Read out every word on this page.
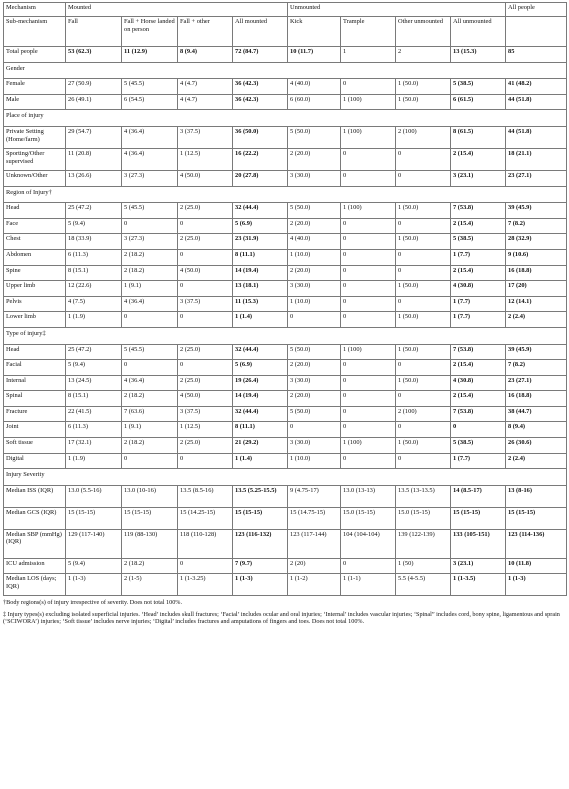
Mechanism	Mounted				Unmounted				All people
Sub-mechanism	Fall	Fall + Horse landed on person	Fall + other	All mounted	Kick	Trample	Other unmounted	All unmounted	
Total people	53 (62.3)	11 (12.9)	8 (9.4)	72 (84.7)	10 (11.7)	1	2	13 (15.3)	85
Gender									
Female	27 (50.9)	5 (45.5)	4 (4.7)	36 (42.3)	4 (40.0)	0	1 (50.0)	5 (38.5)	41 (48.2)
Male	26 (49.1)	6 (54.5)	4 (4.7)	36 (42.3)	6 (60.0)	1 (100)	1 (50.0)	6 (61.5)	44 (51.8)
Place of injury									
Private Setting (Home/farm)	29 (54.7)	4 (36.4)	3 (37.5)	36 (50.0)	5 (50.0)	1 (100)	2 (100)	8 (61.5)	44 (51.8)
Sporting/Other supervised	11 (20.8)	4 (36.4)	1 (12.5)	16 (22.2)	2 (20.0)	0	0	2 (15.4)	18 (21.1)
Unknown/Other	13 (26.6)	3 (27.3)	4 (50.0)	20 (27.8)	3 (30.0)	0	0	3 (23.1)	23 (27.1)
Region of Injury†									
Head	25 (47.2)	5 (45.5)	2 (25.0)	32 (44.4)	5 (50.0)	1 (100)	1 (50.0)	7 (53.8)	39 (45.9)
Face	5 (9.4)	0	0	5 (6.9)	2 (20.0)	0	0	2 (15.4)	7 (8.2)
Chest	18 (33.9)	3 (27.3)	2 (25.0)	23 (31.9)	4 (40.0)	0	1 (50.0)	5 (38.5)	28 (32.9)
Abdomen	6 (11.3)	2 (18.2)	0	8 (11.1)	1 (10.0)	0	0	1 (7.7)	9 (10.6)
Spine	8 (15.1)	2 (18.2)	4 (50.0)	14 (19.4)	2 (20.0)	0	0	2 (15.4)	16 (18.8)
Upper limb	12 (22.6)	1 (9.1)	0	13 (18.1)	3 (30.0)	0	1 (50.0)	4 (30.8)	17 (20)
Pelvis	4 (7.5)	4 (36.4)	3 (37.5)	11 (15.3)	1 (10.0)	0	0	1 (7.7)	12 (14.1)
Lower limb	1 (1.9)	0	0	1 (1.4)	0	0	1 (50.0)	1 (7.7)	2 (2.4)
Type of injury‡									
Head	25 (47.2)	5 (45.5)	2 (25.0)	32 (44.4)	5 (50.0)	1 (100)	1 (50.0)	7 (53.8)	39 (45.9)
Facial	5 (9.4)	0	0	5 (6.9)	2 (20.0)	0	0	2 (15.4)	7 (8.2)
Internal	13 (24.5)	4 (36.4)	2 (25.0)	19 (26.4)	3 (30.0)	0	1 (50.0)	4 (30.8)	23 (27.1)
Spinal	8 (15.1)	2 (18.2)	4 (50.0)	14 (19.4)	2 (20.0)	0	0	2 (15.4)	16 (18.8)
Fracture	22 (41.5)	7 (63.6)	3 (37.5)	32 (44.4)	5 (50.0)	0	2 (100)	7 (53.8)	38 (44.7)
Joint	6 (11.3)	1 (9.1)	1 (12.5)	8 (11.1)	0	0	0	0	8 (9.4)
Soft tissue	17 (32.1)	2 (18.2)	2 (25.0)	21 (29.2)	3 (30.0)	1 (100)	1 (50.0)	5 (38.5)	26 (30.6)
Digital	1 (1.9)	0	0	1 (1.4)	1 (10.0)	0	0	1 (7.7)	2 (2.4)
Injury Severity									
Median ISS (IQR)	13.0 (5.5-16)	13.0 (10-16)	13.5 (8.5-16)	13.5 (5.25-15.5)	9 (4.75-17)	13.0 (13-13)	13.5 (13-13.5)	14 (8.5-17)	13 (8-16)
Median GCS (IQR)	15 (15-15)	15 (15-15)	15 (14.25-15)	15 (15-15)	15 (14.75-15)	15.0 (15-15)	15.0 (15-15)	15 (15-15)	15 (15-15)
Median SBP (mmHg) (IQR)	129 (117-140)	119 (88-130)	118 (110-128)	123 (116-132)	123 (117-144)	104 (104-104)	139 (122-139)	133 (105-151)	123 (114-136)
ICU admission	5 (9.4)	2 (18.2)	0	7 (9.7)	2 (20)	0	1 (50)	3 (23.1)	10 (11.8)
Median LOS (days; IQR)	1 (1-3)	2 (1-5)	1 (1-3.25)	1 (1-3)	1 (1-2)	1 (1-1)	5.5 (4-5.5)	1 (1-3.5)	1 (1-3)

†Body regions(s) of injury irrespective of severity. Does not total 100%.

‡ Injury types(s) excluding isolated superficial injuries. ‘Head’ includes skull fractures; ‘Facial’ includes ocular and oral injuries; ‘Internal’ includes vascular injuries; ‘Spinal” includes cord, bony spine, ligamentous and sprain (‘SCIWORA’) injuries; ‘Soft tissue’ includes nerve injuries; ‘Digital’ includes fractures and amputations of fingers and toes. Does not total 100%.
